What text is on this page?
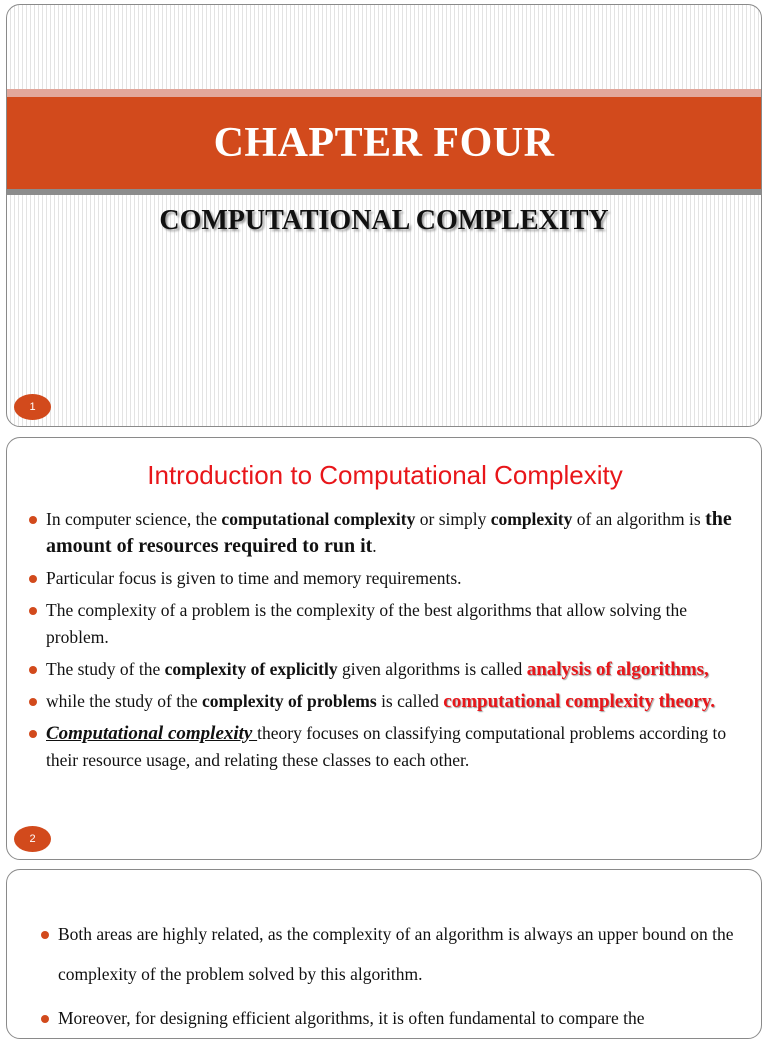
CHAPTER FOUR
COMPUTATIONAL COMPLEXITY
1
Introduction to Computational Complexity
In computer science, the computational complexity or simply complexity of an algorithm is the amount of resources required to run it.
Particular focus is given to time and memory requirements.
The complexity of a problem is the complexity of the best algorithms that allow solving the problem.
The study of the complexity of explicitly given algorithms is called analysis of algorithms,
while the study of the complexity of problems is called computational complexity theory.
Computational complexity theory focuses on classifying computational problems according to their resource usage, and relating these classes to each other.
2
Both areas are highly related, as the complexity of an algorithm is always an upper bound on the complexity of the problem solved by this algorithm.
Moreover, for designing efficient algorithms, it is often fundamental to compare the
